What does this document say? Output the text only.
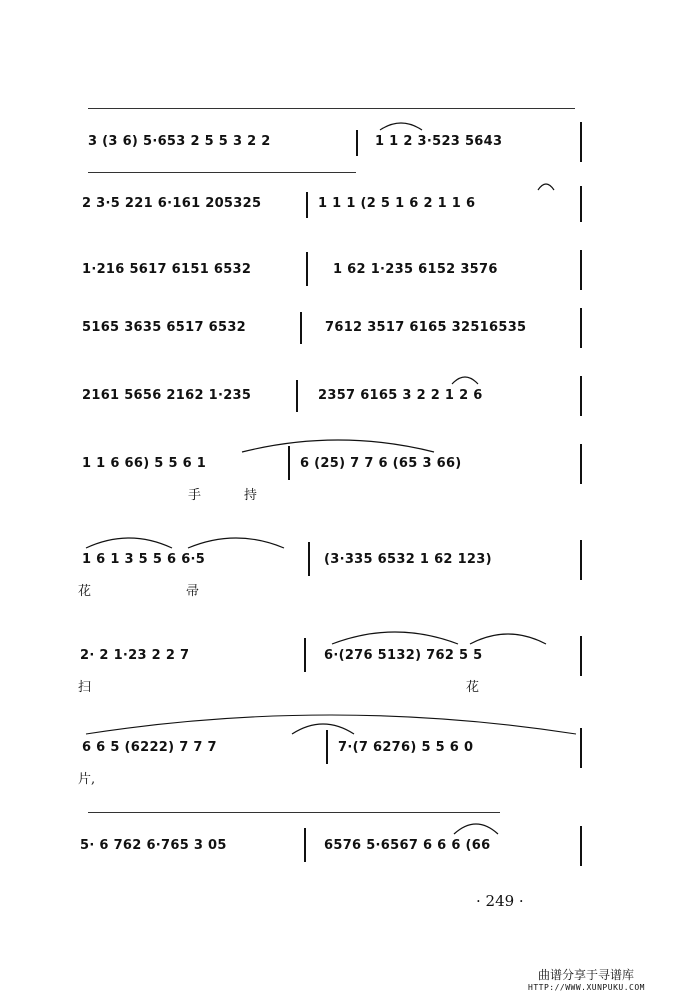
3 (3 6) 5·653 2 5 5 3 2 2	1 1 2 3·523 5643
2 3·5 221 6·161 205325	1 1 1 (2 5 1 6 2 1 1 6
1·216 5617 6151 6532	1 62 1·235 6152 3576
5165 3635 6517 6532	7612 3517 6165 32516535
2161 5656 2162 1·235	2357 6165 3 2 2 1 2 6
1 1 6 66) 5 5 6 1	6 (25) 7 7 6 (65 3 66)
手	持
1 6 1 3 5 5 6 6·5	(3·335 6532 1 62 123)
花	帚
2· 2 1·23 2 2 7	6·(276 5132) 762 5 5
扫	花
6 6 5 (6222) 7 7 7	7·(7 6276) 5 5 6 0
片,
5· 6 762 6·765 3 05	6576 5·6567 6 6 6 (66
· 249 ·
曲谱分享于寻谱库
HTTP://WWW.XUNPUKU.COM
